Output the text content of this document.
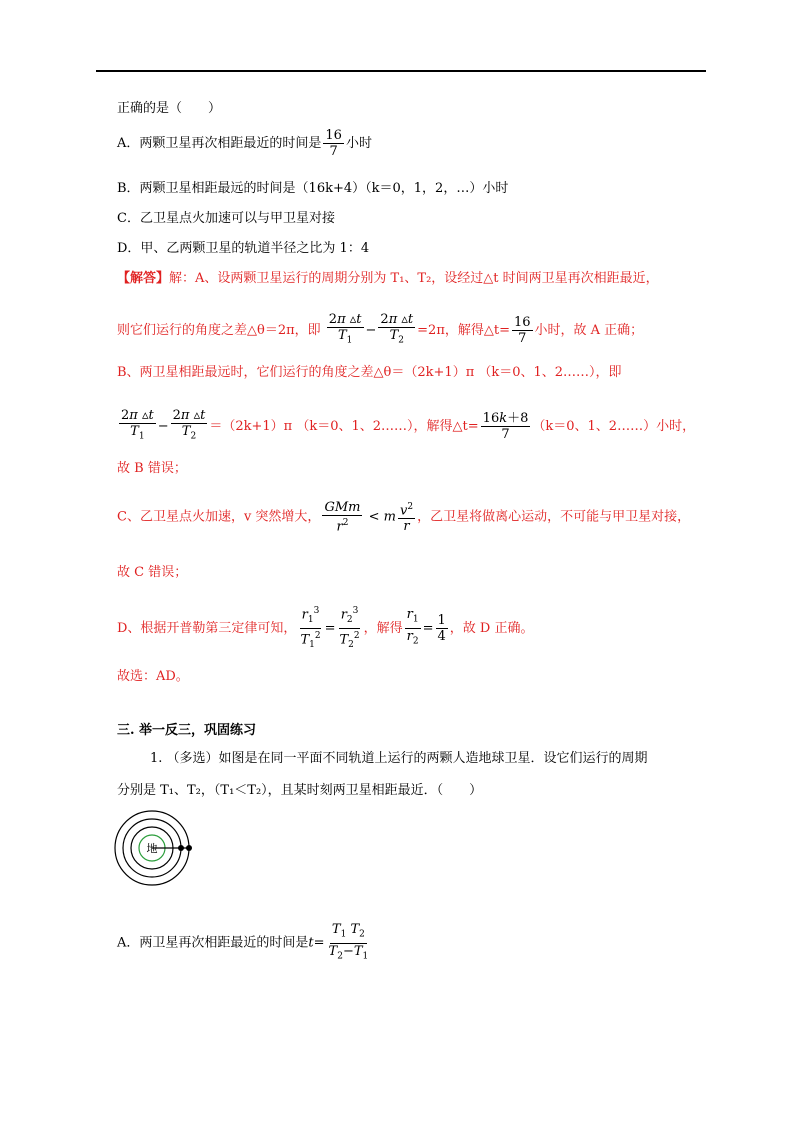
正确的是（　　）
A．两颗卫星再次相距最近的时间是 $\frac{16}{7}$ 小时
B．两颗卫星相距最远的时间是（16k+4）（k＝0，1，2，…）小时
C．乙卫星点火加速可以与甲卫星对接
D．甲、乙两颗卫星的轨道半径之比为 1：4
【解答】解：A、设两颗卫星运行的周期分别为 T₁、T₂，设经过△t 时间两卫星再次相距最近，
则它们运行的角度之差△θ＝2π，即 $\frac{2\pi ▵t}{T_1} - \frac{2\pi ▵t}{T_2} =2\pi$，解得△t= $\frac{16}{7}$ 小时，故 A 正确；
B、两卫星相距最远时，它们运行的角度之差△θ＝（2k+1）π （k＝0、1、2……），即
$\frac{2\pi ▵t}{T_1} - \frac{2\pi ▵t}{T_2} =(2k+1)\pi$ （k＝0、1、2……），解得△t= $\frac{16k+8}{7} (k=0$、1、2……）小时，
故 B 错误；
C、乙卫星点火加速，v 突然增大， $\frac{\text{GMm}}{r^2} < m \frac{v^2}{r}$ ，乙卫星将做离心运动，不可能与甲卫星对接，
故 C 错误；
D、根据开普勒第三定律可知， $\frac{r_1^3}{T_1^2} = \frac{r_2^3}{T_2^2}$ ，解得 $\frac{r_1}{r_2} = \frac{1}{4}$ ，故 D 正确。
故选：AD。
三. 举一反三，巩固练习
1. （多选）如图是在同一平面不同轨道上运行的两颗人造地球卫星．设它们运行的周期
分别是 T₁、T₂，（T₁＜T₂），且某时刻两卫星相距最近．（　　）
地
A．两卫星再次相距最近的时间是$t= \frac{T_1 T_2}{T_2-T_1}$
